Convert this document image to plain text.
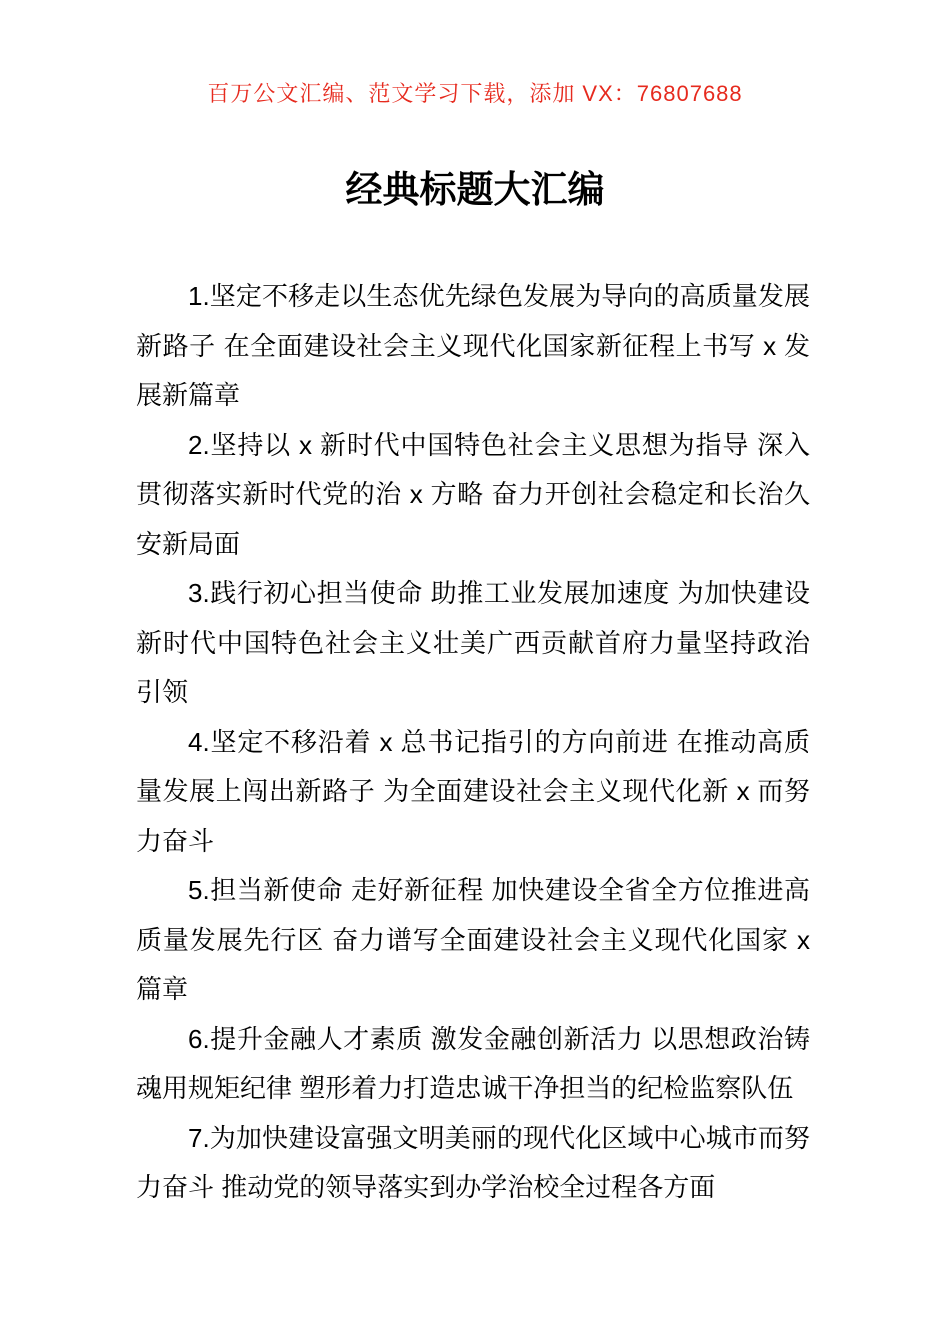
百万公文汇编、范文学习下载，添加 VX：76807688
经典标题大汇编

1.坚定不移走以生态优先绿色发展为导向的高质量发展新路子 在全面建设社会主义现代化国家新征程上书写 x 发展新篇章

2.坚持以 x 新时代中国特色社会主义思想为指导 深入贯彻落实新时代党的治 x 方略 奋力开创社会稳定和长治久安新局面

3.践行初心担当使命 助推工业发展加速度 为加快建设新时代中国特色社会主义壮美广西贡献首府力量坚持政治引领

4.坚定不移沿着 x 总书记指引的方向前进 在推动高质量发展上闯出新路子 为全面建设社会主义现代化新 x 而努力奋斗

5.担当新使命 走好新征程 加快建设全省全方位推进高质量发展先行区 奋力谱写全面建设社会主义现代化国家 x 篇章

6.提升金融人才素质 激发金融创新活力 以思想政治铸魂用规矩纪律 塑形着力打造忠诚干净担当的纪检监察队伍

7.为加快建设富强文明美丽的现代化区域中心城市而努力奋斗 推动党的领导落实到办学治校全过程各方面
